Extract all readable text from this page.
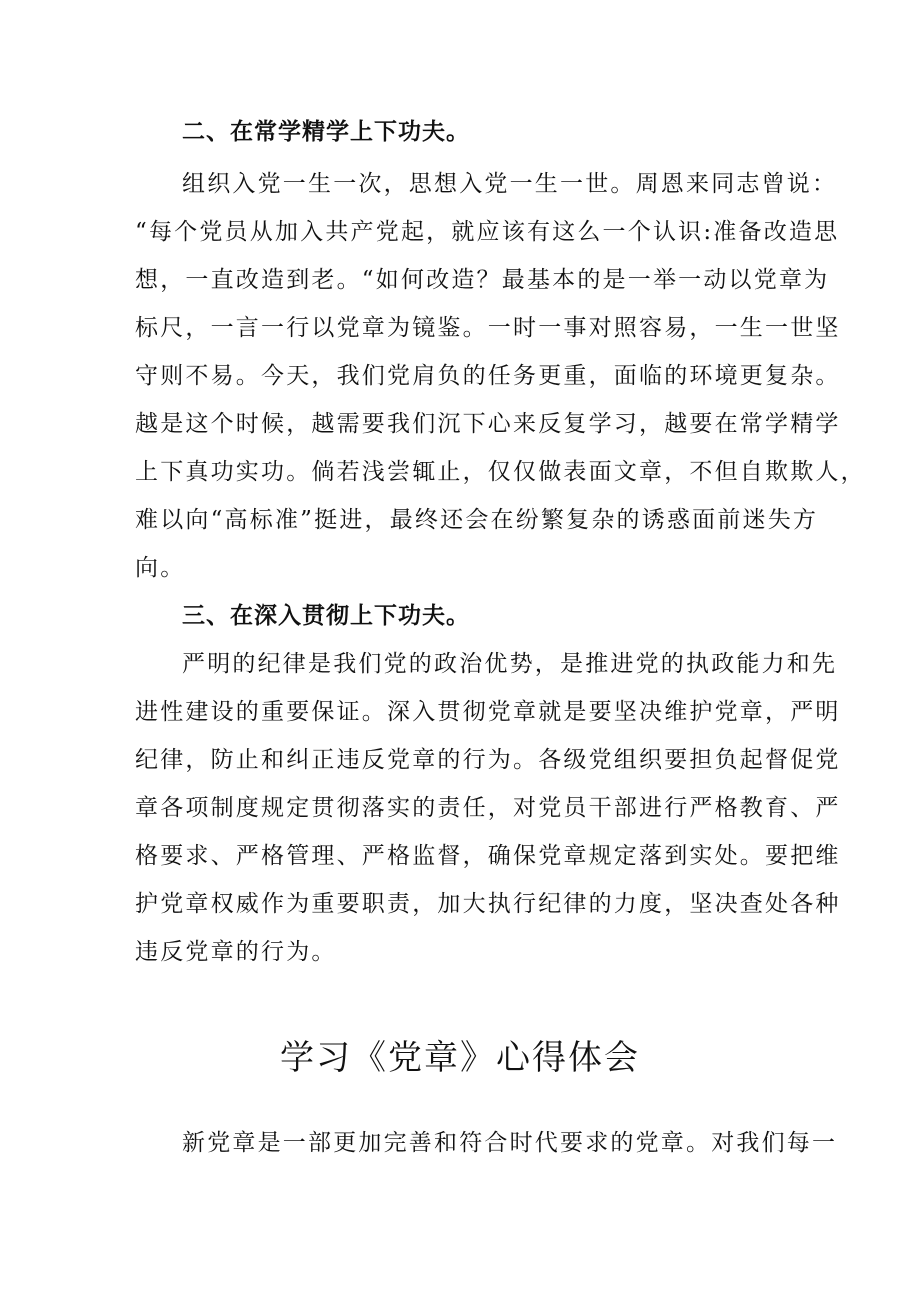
二、在常学精学上下功夫。
组织入党一生一次，思想入党一生一世。周恩来同志曾说：
“每个党员从加入共产党起，就应该有这么一个认识:准备改造思
想，一直改造到老。“如何改造？最基本的是一举一动以党章为
标尺，一言一行以党章为镜鉴。一时一事对照容易，一生一世坚
守则不易。今天，我们党肩负的任务更重，面临的环境更复杂。
越是这个时候，越需要我们沉下心来反复学习，越要在常学精学
上下真功实功。倘若浅尝辄止，仅仅做表面文章，不但自欺欺人，
难以向“高标准”挺进，最终还会在纷繁复杂的诱惑面前迷失方
向。
三、在深入贯彻上下功夫。
严明的纪律是我们党的政治优势，是推进党的执政能力和先
进性建设的重要保证。深入贯彻党章就是要坚决维护党章，严明
纪律，防止和纠正违反党章的行为。各级党组织要担负起督促党
章各项制度规定贯彻落实的责任，对党员干部进行严格教育、严
格要求、严格管理、严格监督，确保党章规定落到实处。要把维
护党章权威作为重要职责，加大执行纪律的力度，坚决查处各种
违反党章的行为。
学习《党章》心得体会
新党章是一部更加完善和符合时代要求的党章。对我们每一
